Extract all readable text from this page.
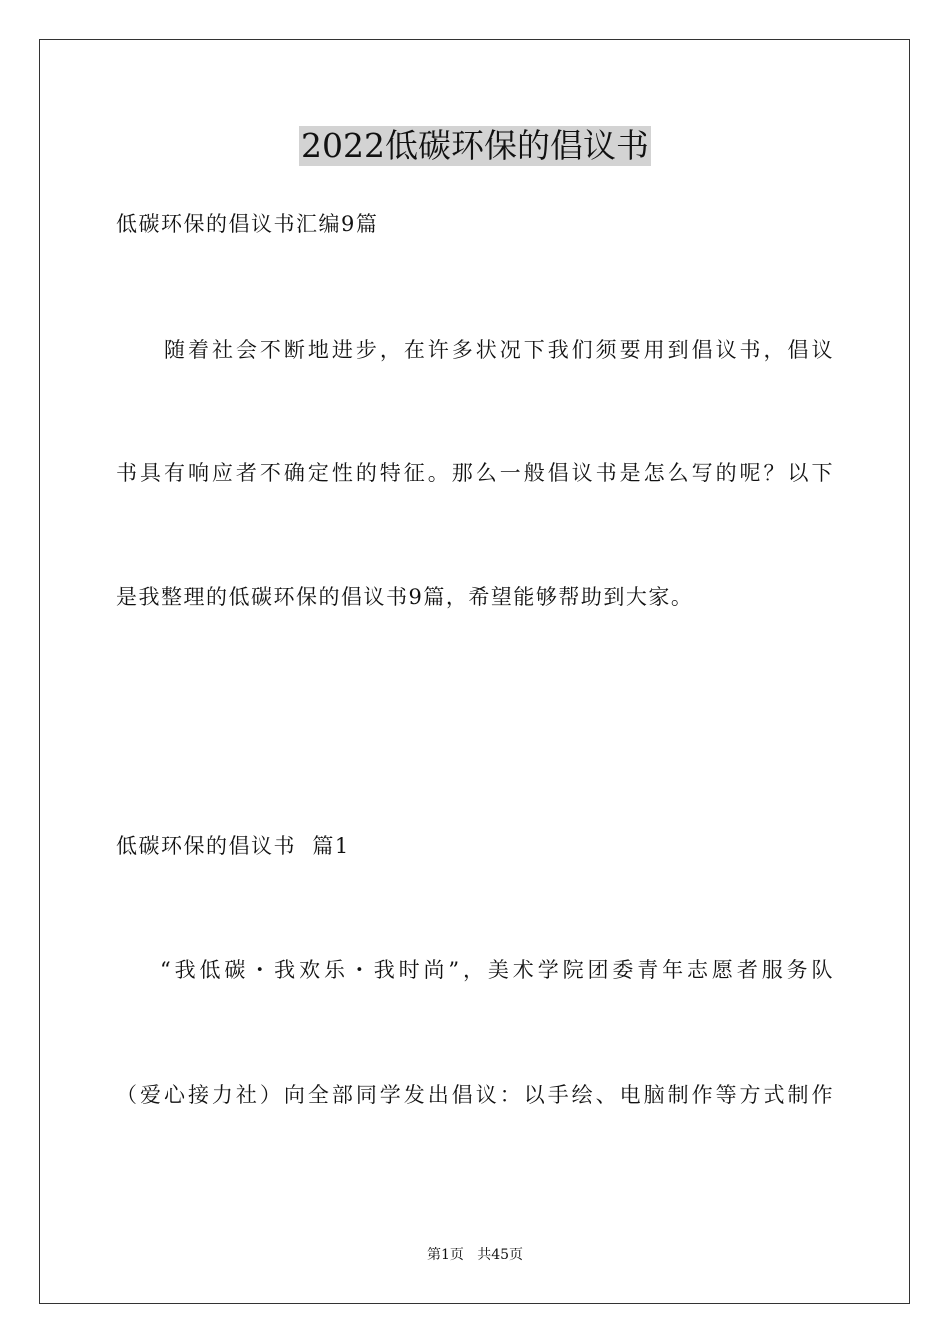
2022低碳环保的倡议书
低碳环保的倡议书汇编9篇
随着社会不断地进步，在许多状况下我们须要用到倡议书，倡议
书具有响应者不确定性的特征。那么一般倡议书是怎么写的呢？以下
是我整理的低碳环保的倡议书9篇，希望能够帮助到大家。
低碳环保的倡议书  篇1
“我低碳・我欢乐・我时尚”，美术学院团委青年志愿者服务队
（爱心接力社）向全部同学发出倡议：以手绘、电脑制作等方式制作
第1页   共45页
